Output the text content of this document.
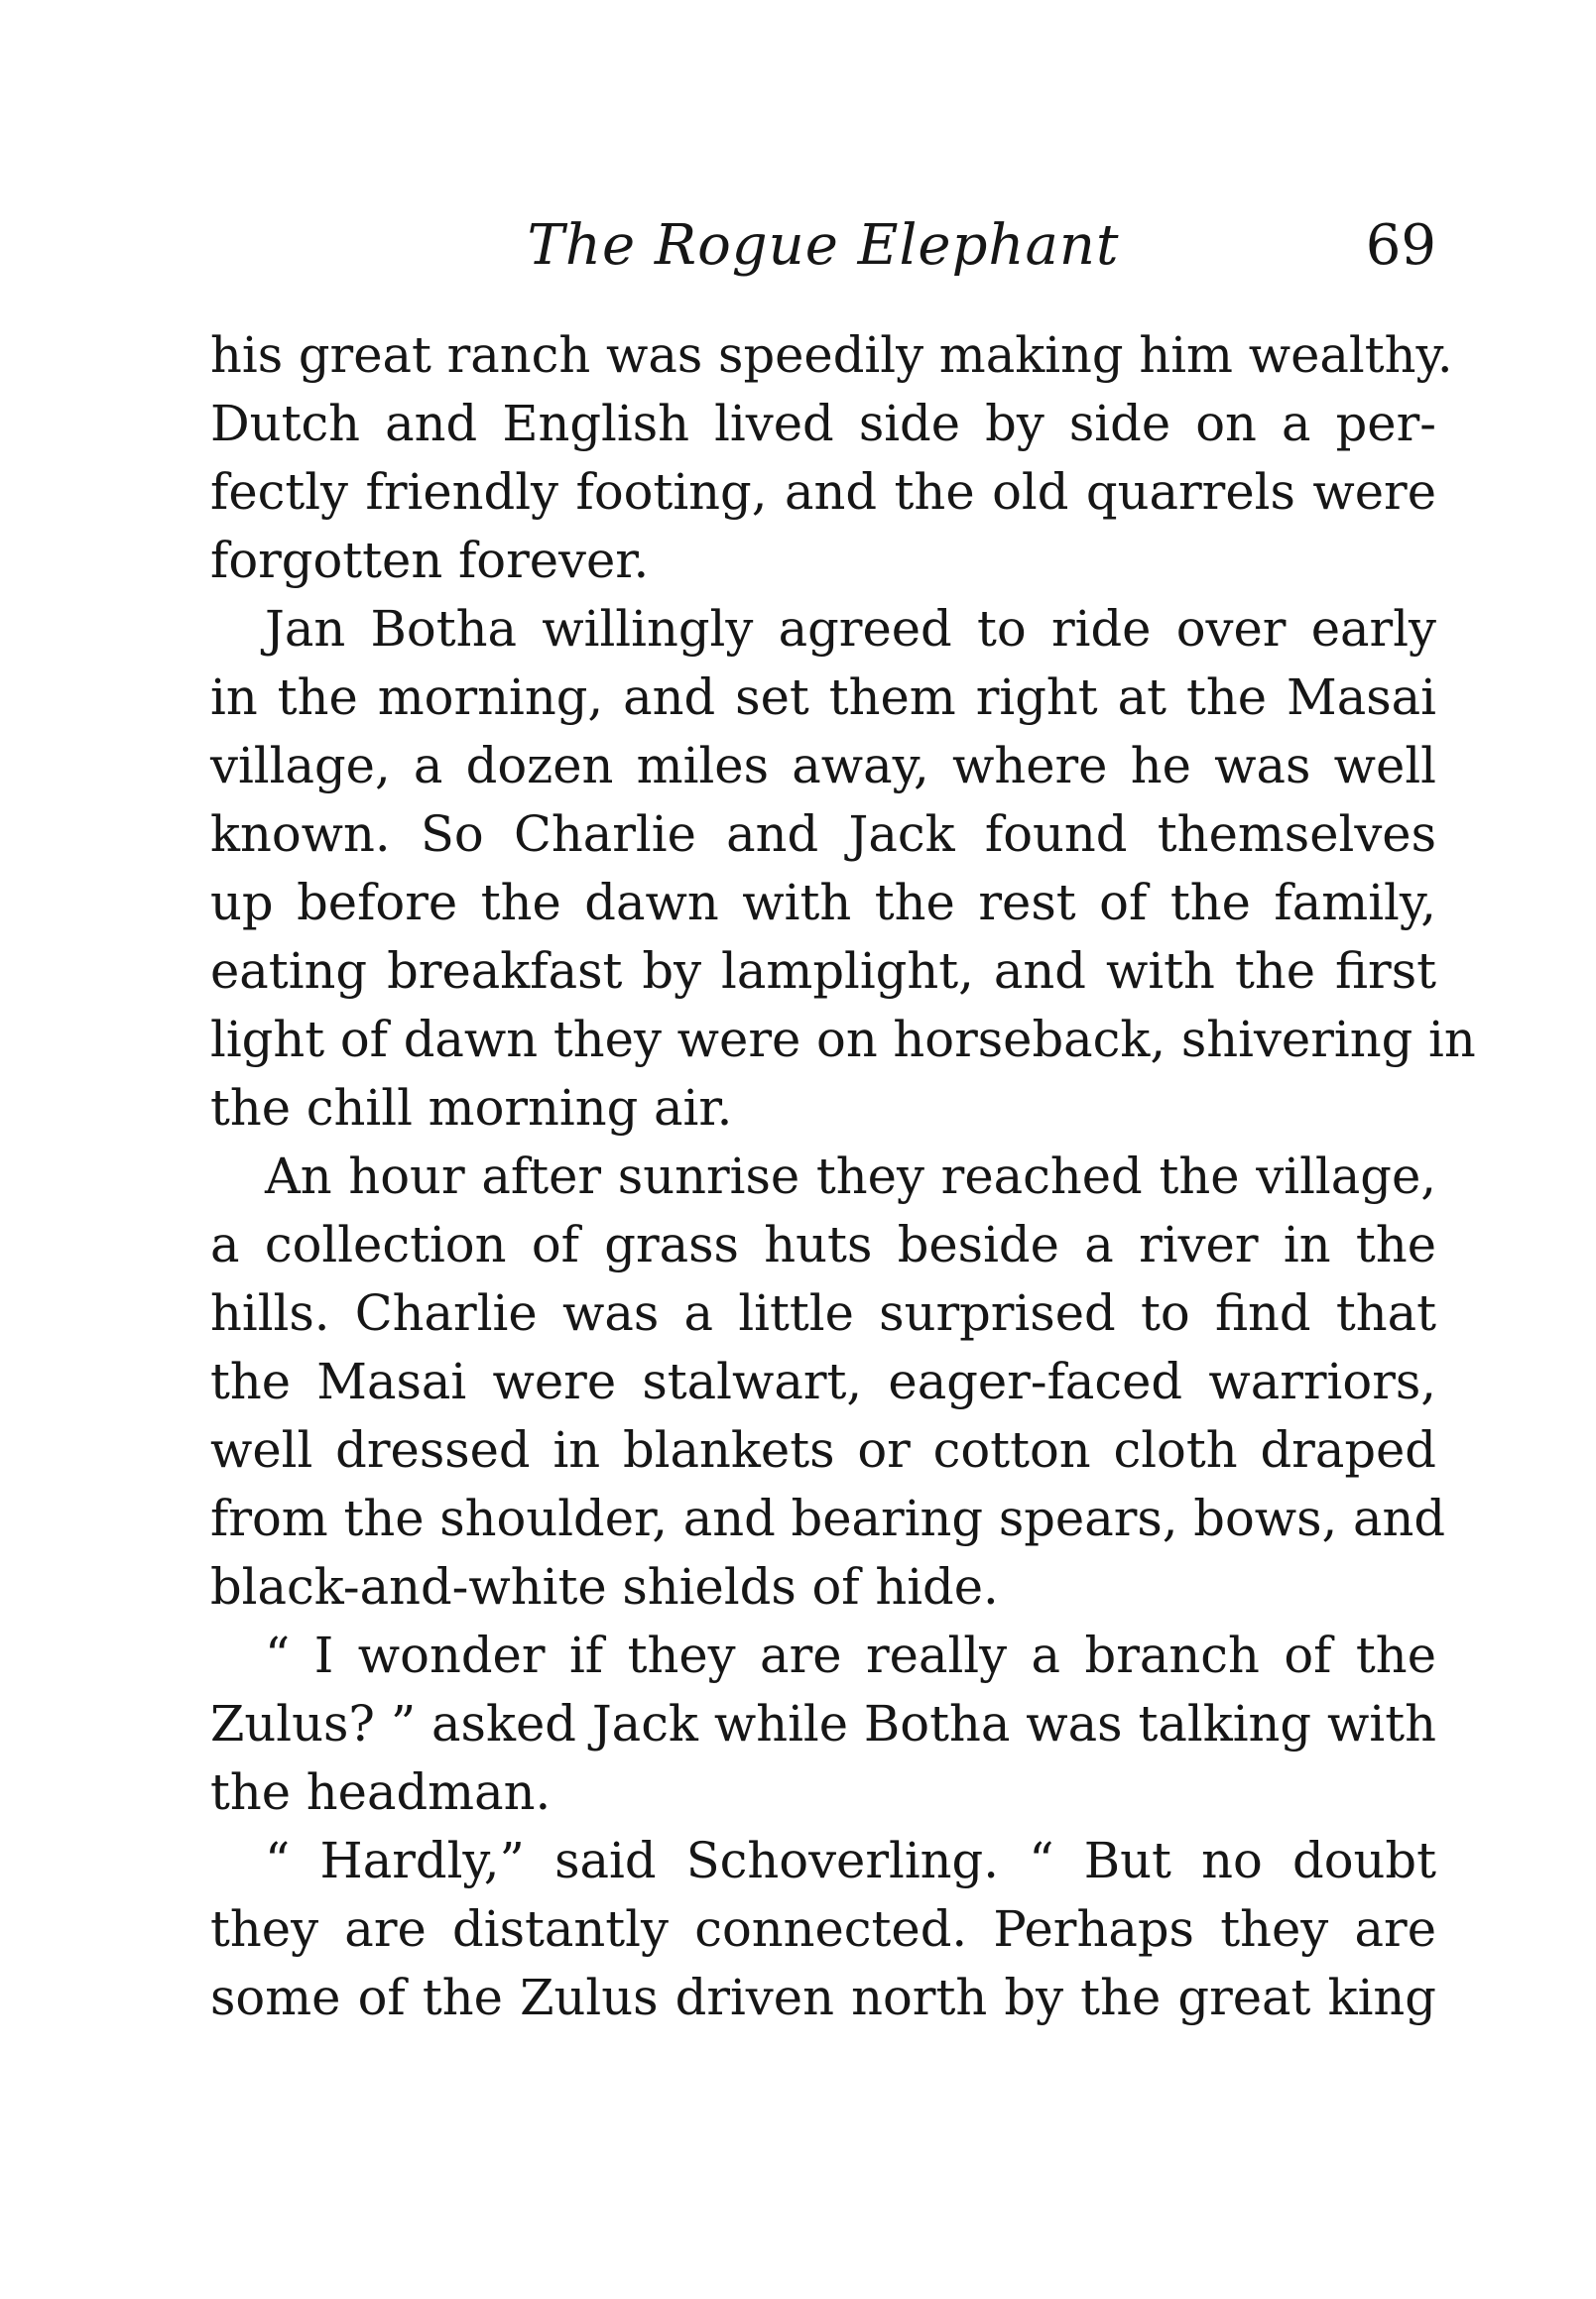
The Rogue Elephant	69
his great ranch was speedily making him wealthy.
Dutch and English lived side by side on a per-
fectly friendly footing, and the old quarrels were
forgotten forever.
Jan Botha willingly agreed to ride over early
in the morning, and set them right at the Masai
village, a dozen miles away, where he was well
known. So Charlie and Jack found themselves
up before the dawn with the rest of the family,
eating breakfast by lamplight, and with the first
light of dawn they were on horseback, shivering in
the chill morning air.
An hour after sunrise they reached the village,
a collection of grass huts beside a river in the
hills. Charlie was a little surprised to find that
the Masai were stalwart, eager-faced warriors,
well dressed in blankets or cotton cloth draped
from the shoulder, and bearing spears, bows, and
black-and-white shields of hide.
“ I wonder if they are really a branch of the
Zulus? ” asked Jack while Botha was talking with
the headman.
“ Hardly,” said Schoverling. “ But no doubt
they are distantly connected. Perhaps they are
some of the Zulus driven north by the great king
